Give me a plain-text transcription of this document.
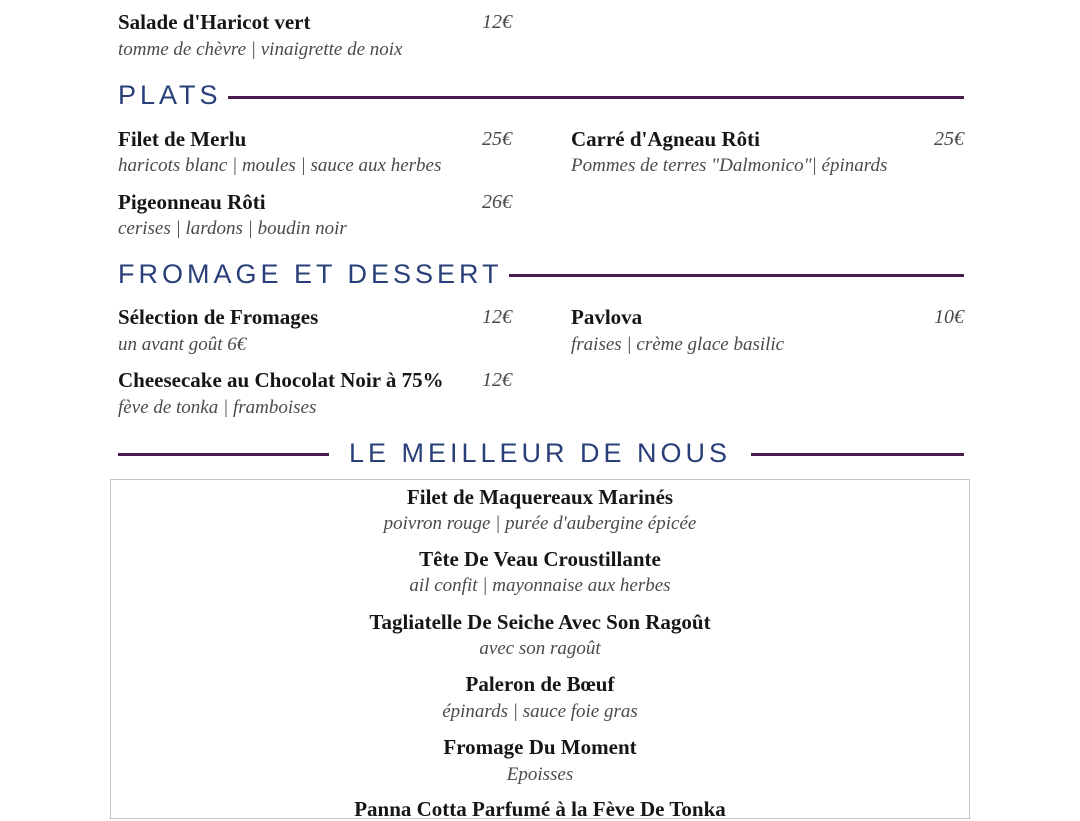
Salade d'Haricot vert	12€
tomme de chèvre | vinaigrette de noix
PLATS
Filet de Merlu	25€
haricots blanc | moules | sauce aux herbes
Carré d'Agneau Rôti	25€
Pommes de terres "Dalmonico"| épinards
Pigeonneau Rôti	26€
cerises | lardons | boudin noir
FROMAGE ET DESSERT
Sélection de Fromages	12€
un avant goût 6€
Pavlova	10€
fraises | crème glace basilic
Cheesecake au Chocolat Noir à 75%	12€
fève de tonka | framboises
LE MEILLEUR DE NOUS
Filet de Maquereaux Marinés
poivron rouge | purée d'aubergine épicée
Tête De Veau Croustillante
ail confit | mayonnaise aux herbes
Tagliatelle De Seiche Avec Son Ragoût
avec son ragoût
Paleron de Bœuf
épinards | sauce foie gras
Fromage Du Moment
Epoisses
Panna Cotta Parfumé à la Fève De Tonka
